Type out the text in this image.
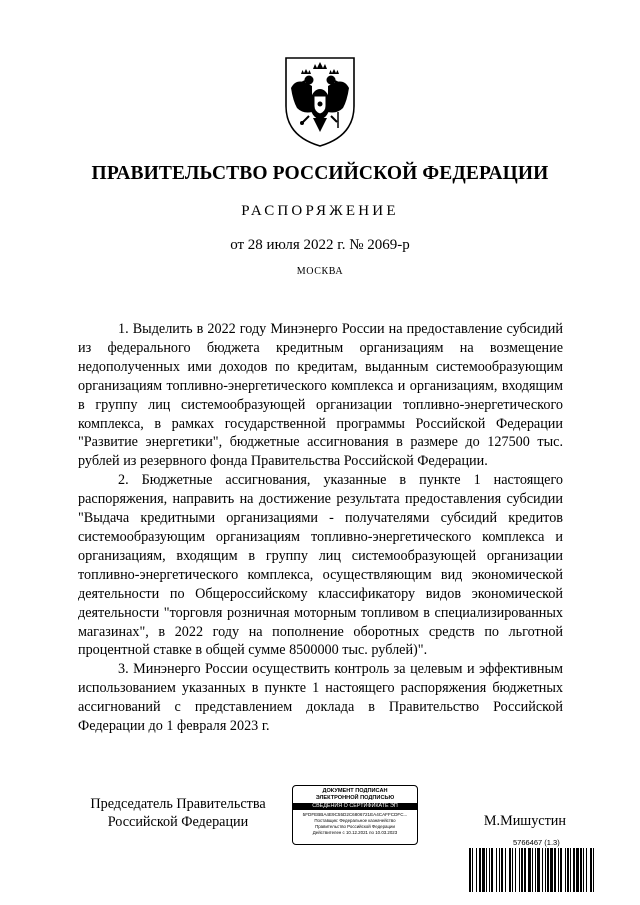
ПРАВИТЕЛЬСТВО РОССИЙСКОЙ ФЕДЕРАЦИИ
РАСПОРЯЖЕНИЕ
от 28 июля 2022 г. № 2069-р
МОСКВА

1. Выделить в 2022 году Минэнерго России на предоставление субсидий из федерального бюджета кредитным организациям на возмещение недополученных ими доходов по кредитам, выданным системообразующим организациям топливно-энергетического комплекса и организациям, входящим в группу лиц системообразующей организации топливно-энергетического комплекса, в рамках государственной программы Российской Федерации "Развитие энергетики", бюджетные ассигнования в размере до 127500 тыс. рублей из резервного фонда Правительства Российской Федерации.

2. Бюджетные ассигнования, указанные в пункте 1 настоящего распоряжения, направить на достижение результата предоставления субсидии "Выдача кредитными организациями - получателями субсидий кредитов системообразующим организациям топливно-энергетического комплекса и организациям, входящим в группу лиц системообразующей организации топливно-энергетического комплекса, осуществляющим вид экономической деятельности по Общероссийскому классификатору видов экономической деятельности "торговля розничная моторным топливом в специализированных магазинах", в 2022 году на пополнение оборотных средств по льготной процентной ставке в общей сумме 8500000 тыс. рублей)".

3. Минэнерго России осуществить контроль за целевым и эффективным использованием указанных в пункте 1 настоящего распоряжения бюджетных ассигнований с представлением доклада в Правительство Российской Федерации до 1 февраля 2023 г.

Председатель Правительства
Российской Федерации
ДОКУМЕНТ ПОДПИСАН
ЭЛЕКТРОННОЙ ПОДПИСЬЮ
СВЕДЕНИЯ О СЕРТИФИКАТЕ ЭП
5FDFEBBA4E9C55D2C6806721EA4CAFFCDFC...
Поставщик: Федеральное казначейство
Правительство Российской Федерации
Действителен с 10.12.2021 по 10.03.2023
М.Мишустин
5766467 (1.3)
